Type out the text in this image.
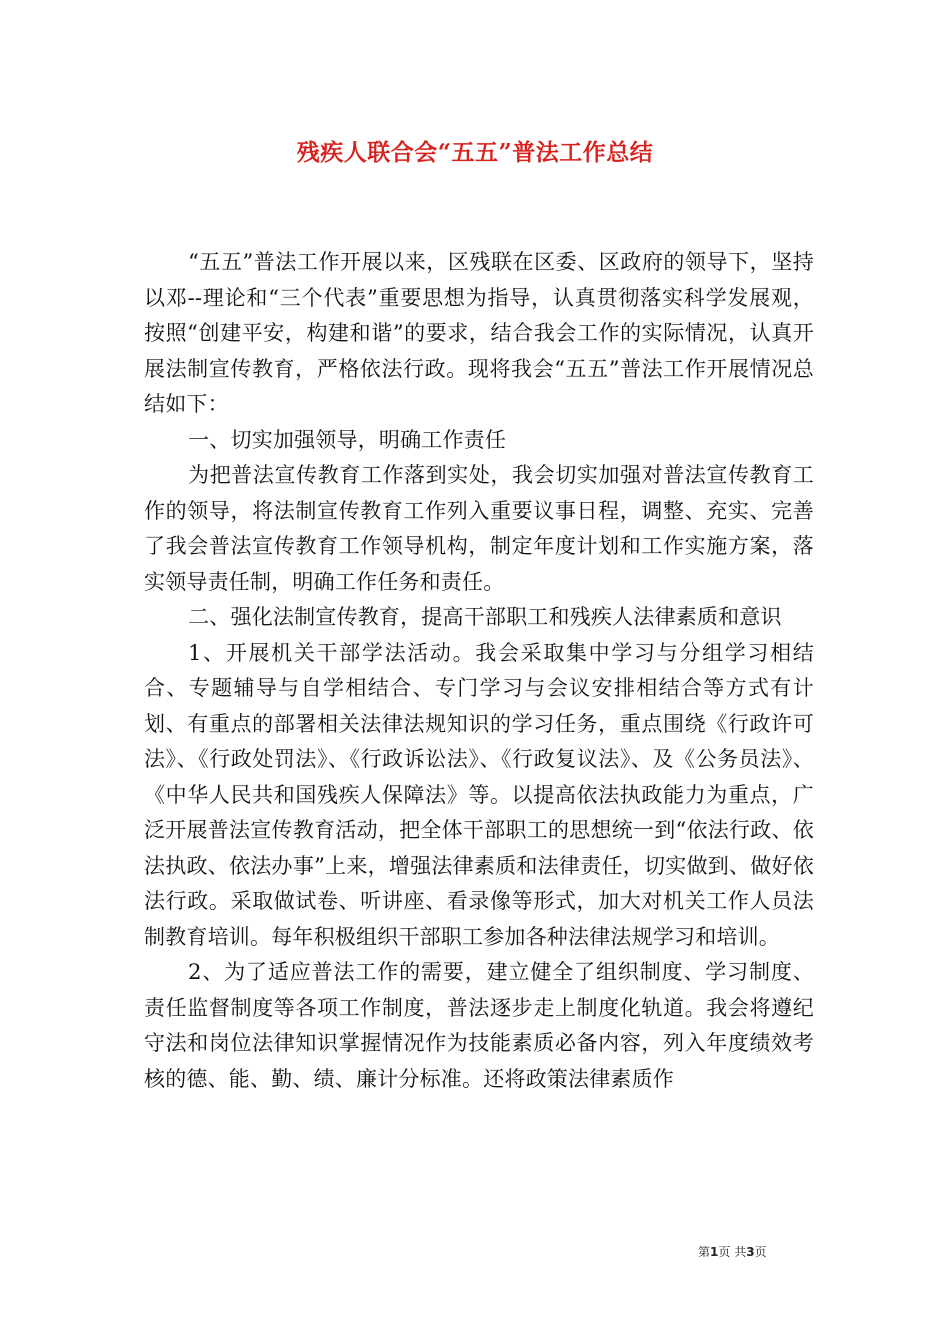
残疾人联合会“五五”普法工作总结

“五五”普法工作开展以来，区残联在区委、区政府的领导下，坚持以邓--理论和“三个代表”重要思想为指导，认真贯彻落实科学发展观，按照“创建平安，构建和谐”的要求，结合我会工作的实际情况，认真开展法制宣传教育，严格依法行政。现将我会“五五”普法工作开展情况总结如下：

一、切实加强领导，明确工作责任

为把普法宣传教育工作落到实处，我会切实加强对普法宣传教育工作的领导，将法制宣传教育工作列入重要议事日程，调整、充实、完善了我会普法宣传教育工作领导机构，制定年度计划和工作实施方案，落实领导责任制，明确工作任务和责任。

二、强化法制宣传教育，提高干部职工和残疾人法律素质和意识

1、开展机关干部学法活动。我会采取集中学习与分组学习相结合、专题辅导与自学相结合、专门学习与会议安排相结合等方式有计划、有重点的部署相关法律法规知识的学习任务，重点围绕《行政许可法》、《行政处罚法》、《行政诉讼法》、《行政复议法》、及《公务员法》、《中华人民共和国残疾人保障法》等。以提高依法执政能力为重点，广泛开展普法宣传教育活动，把全体干部职工的思想统一到“依法行政、依法执政、依法办事”上来，增强法律素质和法律责任，切实做到、做好依法行政。采取做试卷、听讲座、看录像等形式，加大对机关工作人员法制教育培训。每年积极组织干部职工参加各种法律法规学习和培训。

2、为了适应普法工作的需要，建立健全了组织制度、学习制度、责任监督制度等各项工作制度，普法逐步走上制度化轨道。我会将遵纪守法和岗位法律知识掌握情况作为技能素质必备内容，列入年度绩效考核的德、能、勤、绩、廉计分标准。还将政策法律素质作

第1页 共3页
